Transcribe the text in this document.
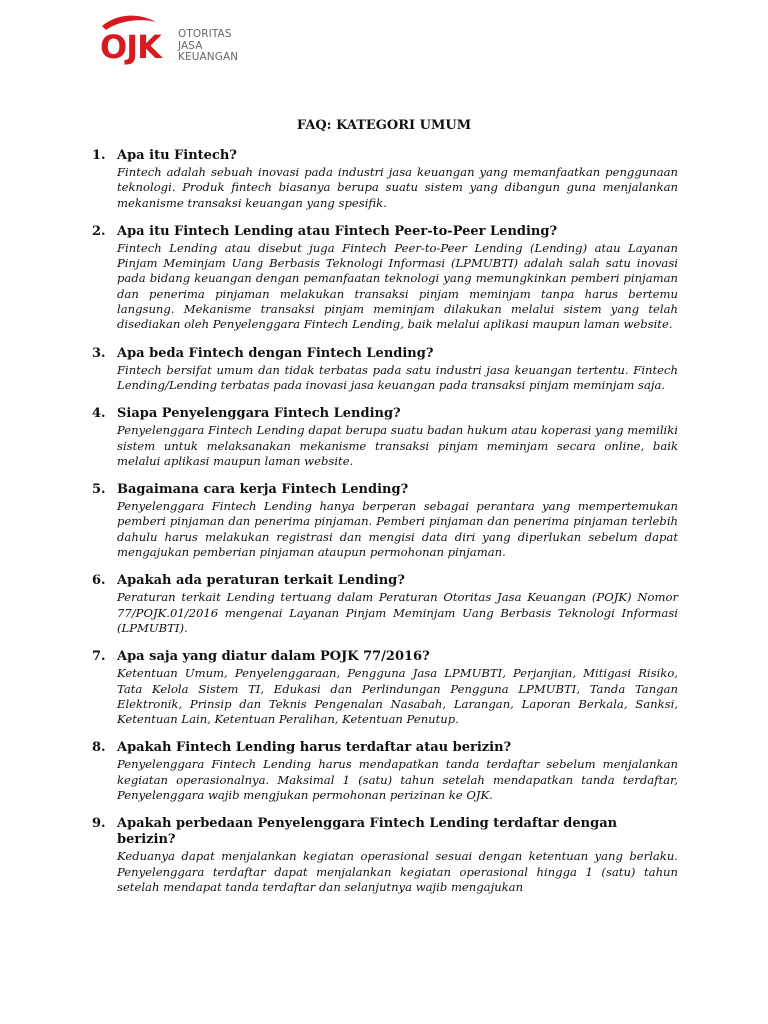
OJK OTORITAS
JASA
KEUANGAN
FAQ: KATEGORI UMUM
1. Apa itu Fintech?

Fintech adalah sebuah inovasi pada industri jasa keuangan yang memanfaatkan penggunaan teknologi. Produk fintech biasanya berupa suatu sistem yang dibangun guna menjalankan mekanisme transaksi keuangan yang spesifik.

2. Apa itu Fintech Lending atau Fintech Peer-to-Peer Lending?

Fintech Lending atau disebut juga Fintech Peer-to-Peer Lending (Lending) atau Layanan Pinjam Meminjam Uang Berbasis Teknologi Informasi (LPMUBTI) adalah salah satu inovasi pada bidang keuangan dengan pemanfaatan teknologi yang memungkinkan pemberi pinjaman dan penerima pinjaman melakukan transaksi pinjam meminjam tanpa harus bertemu langsung. Mekanisme transaksi pinjam meminjam dilakukan melalui sistem yang telah disediakan oleh Penyelenggara Fintech Lending, baik melalui aplikasi maupun laman website.

3. Apa beda Fintech dengan Fintech Lending?

Fintech bersifat umum dan tidak terbatas pada satu industri jasa keuangan tertentu. Fintech Lending/Lending terbatas pada inovasi jasa keuangan pada transaksi pinjam meminjam saja.

4. Siapa Penyelenggara Fintech Lending?

Penyelenggara Fintech Lending dapat berupa suatu badan hukum atau koperasi yang memiliki sistem untuk melaksanakan mekanisme transaksi pinjam meminjam secara online, baik melalui aplikasi maupun laman website.

5. Bagaimana cara kerja Fintech Lending?

Penyelenggara Fintech Lending hanya berperan sebagai perantara yang mempertemukan pemberi pinjaman dan penerima pinjaman. Pemberi pinjaman dan penerima pinjaman terlebih dahulu harus melakukan registrasi dan mengisi data diri yang diperlukan sebelum dapat mengajukan pemberian pinjaman ataupun permohonan pinjaman.

6. Apakah ada peraturan terkait Lending?

Peraturan terkait Lending tertuang dalam Peraturan Otoritas Jasa Keuangan (POJK) Nomor 77/POJK.01/2016 mengenai Layanan Pinjam Meminjam Uang Berbasis Teknologi Informasi (LPMUBTI).

7. Apa saja yang diatur dalam POJK 77/2016?

Ketentuan Umum, Penyelenggaraan, Pengguna Jasa LPMUBTI, Perjanjian, Mitigasi Risiko, Tata Kelola Sistem TI, Edukasi dan Perlindungan Pengguna LPMUBTI, Tanda Tangan Elektronik, Prinsip dan Teknis Pengenalan Nasabah, Larangan, Laporan Berkala, Sanksi, Ketentuan Lain, Ketentuan Peralihan, Ketentuan Penutup.

8. Apakah Fintech Lending harus terdaftar atau berizin?

Penyelenggara Fintech Lending harus mendapatkan tanda terdaftar sebelum menjalankan kegiatan operasionalnya. Maksimal 1 (satu) tahun setelah mendapatkan tanda terdaftar, Penyelenggara wajib mengjukan permohonan perizinan ke OJK.

9. Apakah perbedaan Penyelenggara Fintech Lending terdaftar dengan berizin?

Keduanya dapat menjalankan kegiatan operasional sesuai dengan ketentuan yang berlaku. Penyelenggara terdaftar dapat menjalankan kegiatan operasional hingga 1 (satu) tahun setelah mendapat tanda terdaftar dan selanjutnya wajib mengajukan
